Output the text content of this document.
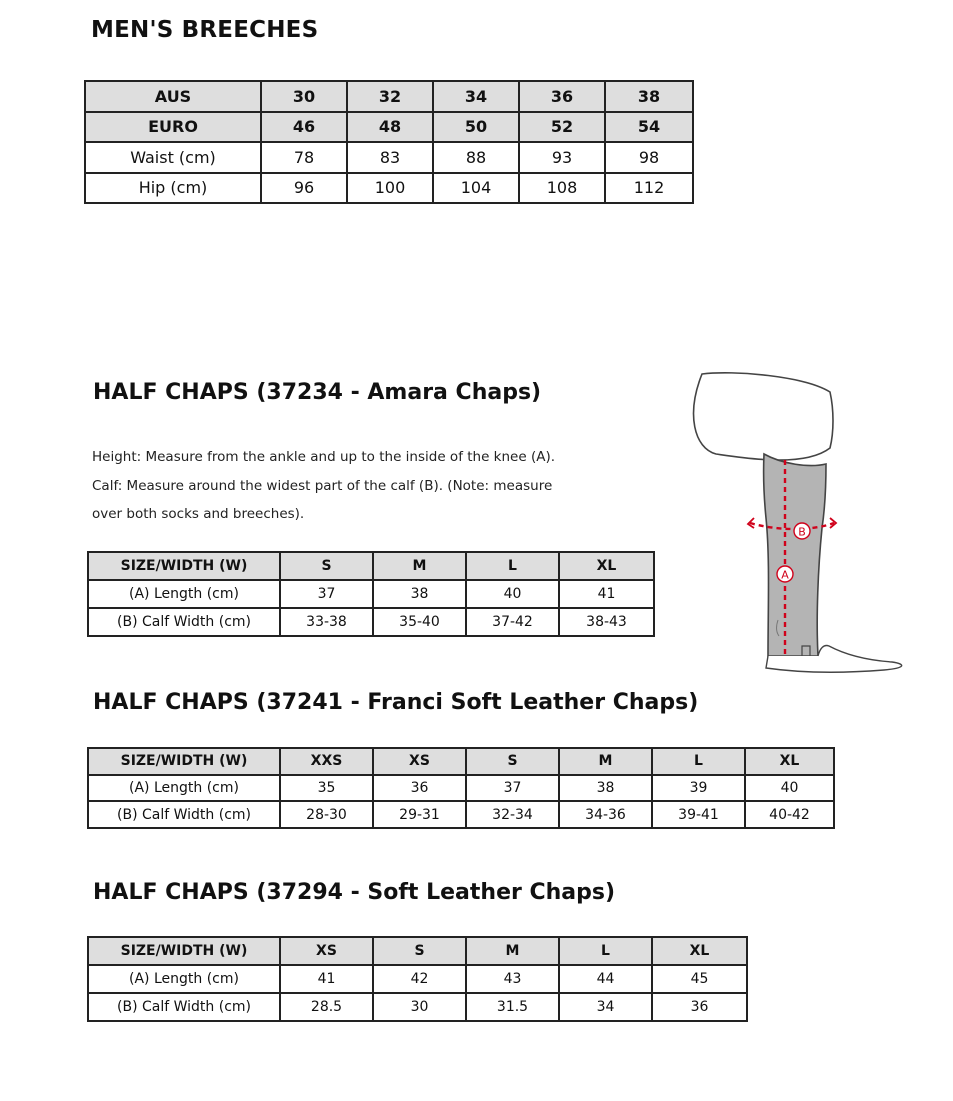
MEN'S BREECHES
AUS	30	32	34	36	38
EURO	46	48	50	52	54
Waist (cm)	78	83	88	93	98
Hip (cm)	96	100	104	108	112
HALF CHAPS (37234 - Amara Chaps)

Height: Measure from the ankle and up to the inside of the knee (A).

Calf: Measure around the widest part of the calf (B). (Note: measure

over both socks and breeches).

SIZE/WIDTH (W)	S	M	L	XL
(A) Length (cm)	37	38	40	41
(B) Calf Width (cm)	33-38	35-40	37-42	38-43
A
B
HALF CHAPS (37241 - Franci Soft Leather Chaps)
SIZE/WIDTH (W)	XXS	XS	S	M	L	XL
(A) Length (cm)	35	36	37	38	39	40
(B) Calf Width (cm)	28-30	29-31	32-34	34-36	39-41	40-42
HALF CHAPS (37294 - Soft Leather Chaps)
SIZE/WIDTH (W)	XS	S	M	L	XL
(A) Length (cm)	41	42	43	44	45
(B) Calf Width (cm)	28.5	30	31.5	34	36
